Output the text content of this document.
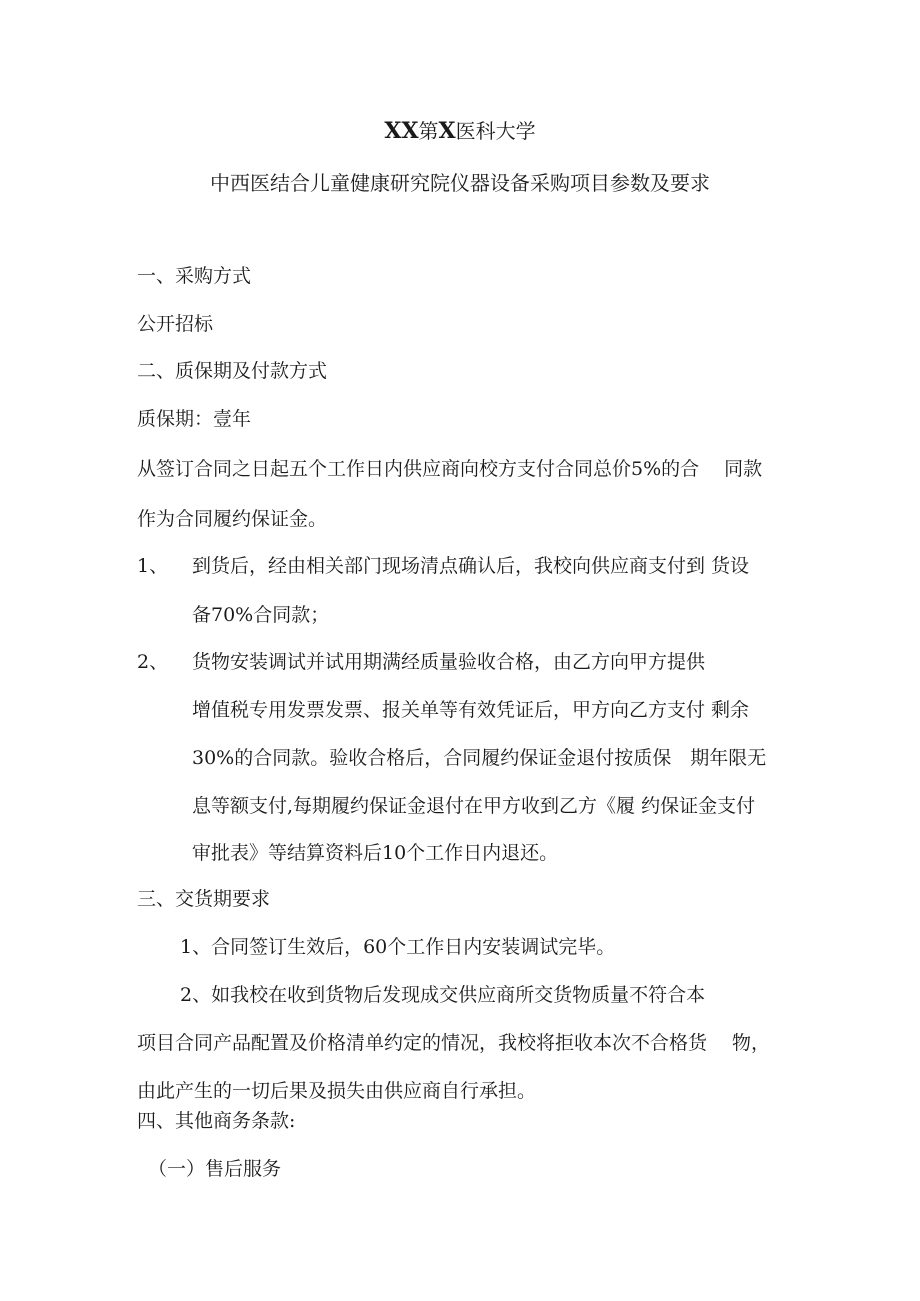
XX第X医科大学
中西医结合儿童健康研究院仪器设备采购项目参数及要求
一、采购方式
公开招标
二、质保期及付款方式
质保期：壹年
从签订合同之日起五个工作日内供应商向校方支付合同总价5%的合　 同款
作为合同履约保证金。
1、 到货后，经由相关部门现场清点确认后，我校向供应商支付到 货设
备70%合同款；
2、 货物安装调试并试用期满经质量验收合格，由乙方向甲方提供
增值税专用发票发票、报关单等有效凭证后，甲方向乙方支付 剩余
30%的合同款。验收合格后，合同履约保证金退付按质保　期年限无
息等额支付,每期履约保证金退付在甲方收到乙方《履 约保证金支付
审批表》等结算资料后10个工作日内退还。
三、交货期要求
1、合同签订生效后，60个工作日内安装调试完毕。
2、如我校在收到货物后发现成交供应商所交货物质量不符合本
项目合同产品配置及价格清单约定的情况，我校将拒收本次不合格货　 物，
由此产生的一切后果及损失由供应商自行承担。
四、其他商务条款:
（一）售后服务
